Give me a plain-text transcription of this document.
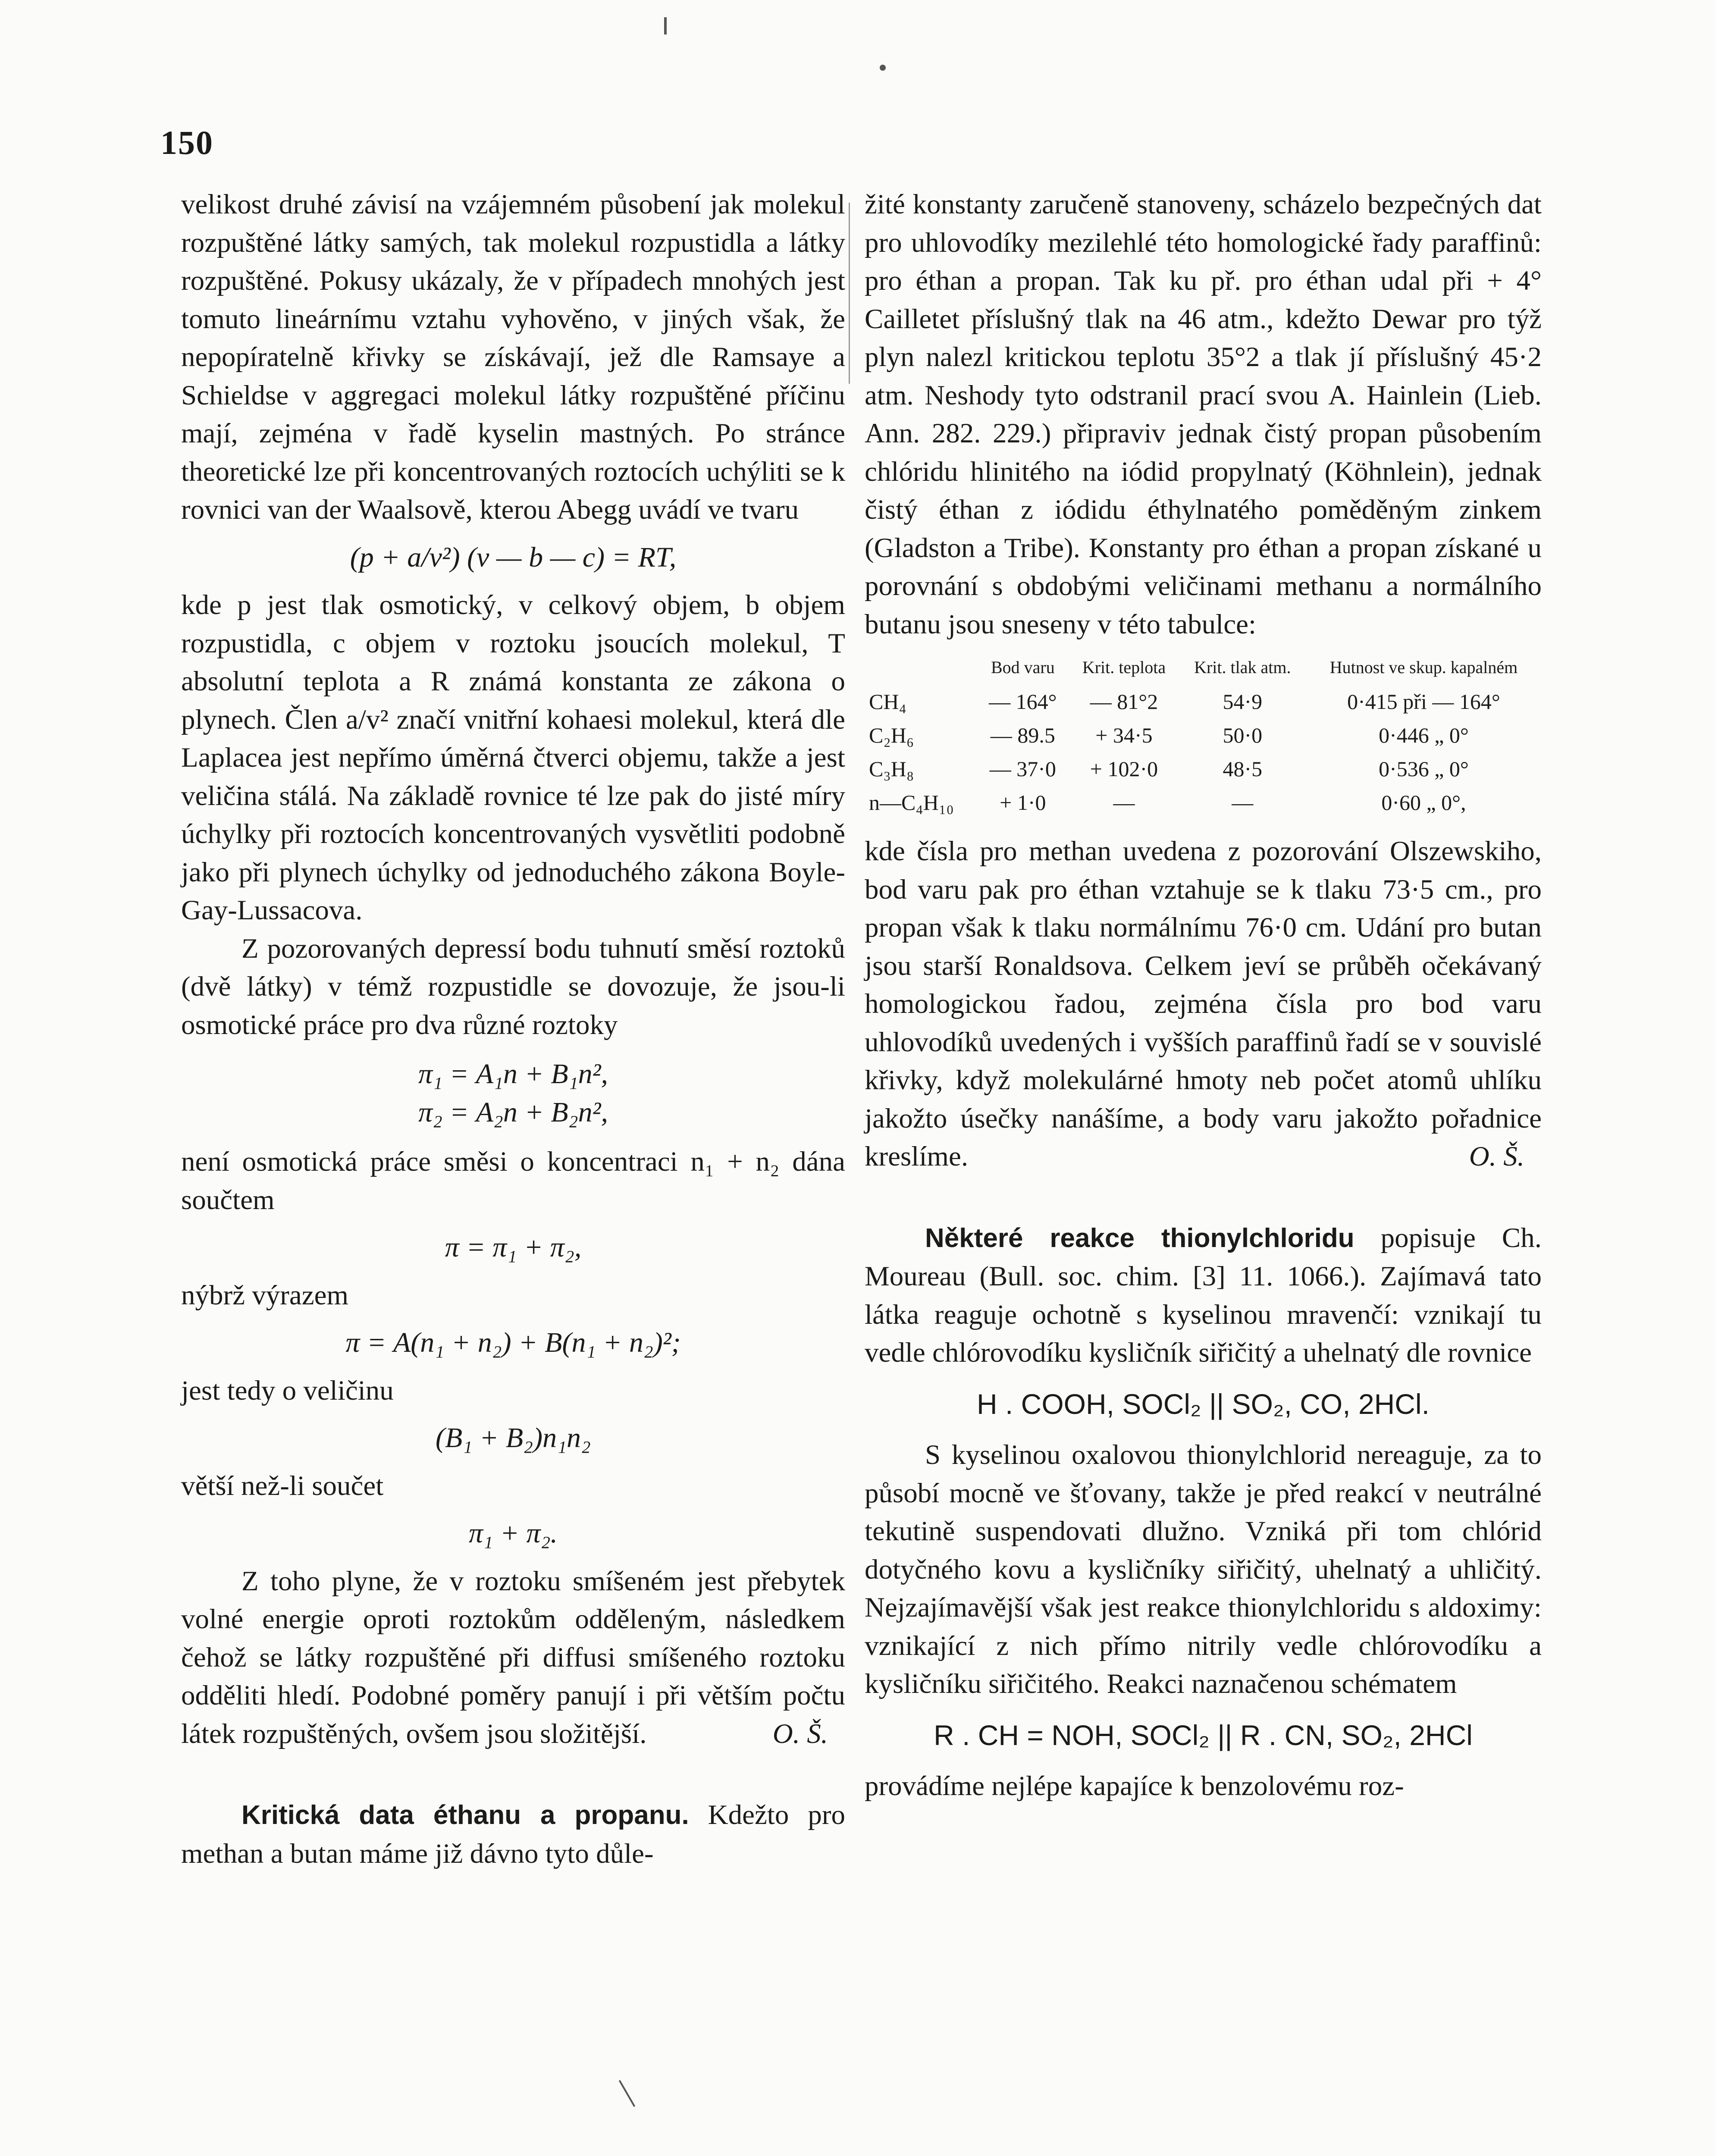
150

velikost druhé závisí na vzájemném působení jak molekul rozpuštěné látky samých, tak molekul rozpustidla a látky rozpuštěné. Pokusy ukázaly, že v případech mnohých jest tomuto lineárnímu vztahu vyhověno, v jiných však, že nepopíratelně křivky se získávají, jež dle Ramsaye a Schieldse v aggregaci molekul látky rozpuštěné příčinu mají, zejména v řadě kyselin mastných. Po stránce theoretické lze při koncentrovaných roztocích uchýliti se k rovnici van der Waalsově, kterou Abegg uvádí ve tvaru

(p + a/v²) (v — b — c) = RT,

kde p jest tlak osmotický, v celkový objem, b objem rozpustidla, c objem v roztoku jsoucích molekul, T absolutní teplota a R známá konstanta ze zákona o plynech. Člen a/v² značí vnitřní kohaesi molekul, která dle Laplacea jest nepřímo úměrná čtverci objemu, takže a jest veličina stálá. Na základě rovnice té lze pak do jisté míry úchylky při roztocích koncentrovaných vysvětliti podobně jako při plynech úchylky od jednoduchého zákona Boyle-Gay-Lussacova.

Z pozorovaných depressí bodu tuhnutí směsí roztoků (dvě látky) v témž rozpustidle se dovozuje, že jsou-li osmotické práce pro dva různé roztoky

π₁ = A₁n + B₁n²,
π₂ = A₂n + B₂n²,

není osmotická práce směsi o koncentraci n₁ + n₂ dána součtem

π = π₁ + π₂,

nýbrž výrazem

π = A(n₁ + n₂) + B(n₁ + n₂)²;

jest tedy o veličinu

(B₁ + B₂)n₁n₂

větší než-li součet

π₁ + π₂.

Z toho plyne, že v roztoku smíšeném jest přebytek volné energie oproti roztokům odděleným, následkem čehož se látky rozpuštěné při diffusi smíšeného roztoku odděliti hledí. Podobné poměry panují i při větším počtu látek rozpuštěných, ovšem jsou složitější.	O. Š.

Kritická data éthanu a propanu. Kdežto pro methan a butan máme již dávno tyto důle-

žité konstanty zaručeně stanoveny, scházelo bezpečných dat pro uhlovodíky mezilehlé této homologické řady paraffinů: pro éthan a propan. Tak ku př. pro éthan udal při + 4° Cailletet příslušný tlak na 46 atm., kdežto Dewar pro týž plyn nalezl kritickou teplotu 35°2 a tlak jí příslušný 45·2 atm. Neshody tyto odstranil prací svou A. Hainlein (Lieb. Ann. 282. 229.) připraviv jednak čistý propan působením chlóridu hlinitého na iódid propylnatý (Köhnlein), jednak čistý éthan z iódidu éthylnatého poměděným zinkem (Gladston a Tribe). Konstanty pro éthan a propan získané u porovnání s obdobými veličinami methanu a normálního butanu jsou sneseny v této tabulce:

	Bod varu	Krit. teplota	Krit. tlak atm.	Hutnost ve skup. kapalném
CH₄	— 164°	— 81°2	54·9	0·415 při — 164°
C₂H₆	— 89.5	+ 34·5	50·0	0·446 „ 0°
C₃H₈	— 37·0	+ 102·0	48·5	0·536 „ 0°
n—C₄H₁₀	+ 1·0	—	—	0·60 „ 0°,

kde čísla pro methan uvedena z pozorování Olszewskiho, bod varu pak pro éthan vztahuje se k tlaku 73·5 cm., pro propan však k tlaku normálnímu 76·0 cm. Udání pro butan jsou starší Ronaldsova. Celkem jeví se průběh očekávaný homologickou řadou, zejména čísla pro bod varu uhlovodíků uvedených i vyšších paraffinů řadí se v souvislé křivky, když molekulárné hmoty neb počet atomů uhlíku jakožto úsečky nanášíme, a body varu jakožto pořadnice kreslíme.	O. Š.

Některé reakce thionylchloridu popisuje Ch. Moureau (Bull. soc. chim. [3] 11. 1066.). Zajímavá tato látka reaguje ochotně s kyselinou mravenčí: vznikají tu vedle chlórovodíku kysličník siřičitý a uhelnatý dle rovnice

H . COOH, SOCl₂ || SO₂, CO, 2HCl.

S kyselinou oxalovou thionylchlorid nereaguje, za to působí mocně ve šťovany, takže je před reakcí v neutrálné tekutině suspendovati dlužno. Vzniká při tom chlórid dotyčného kovu a kysličníky siřičitý, uhelnatý a uhličitý. Nejzajímavější však jest reakce thionylchloridu s aldoximy: vznikající z nich přímo nitrily vedle chlórovodíku a kysličníku siřičitého. Reakci naznačenou schématem

R . CH = NOH, SOCl₂ || R . CN, SO₂, 2HCl

provádíme nejlépe kapajíce k benzolovému roz-
